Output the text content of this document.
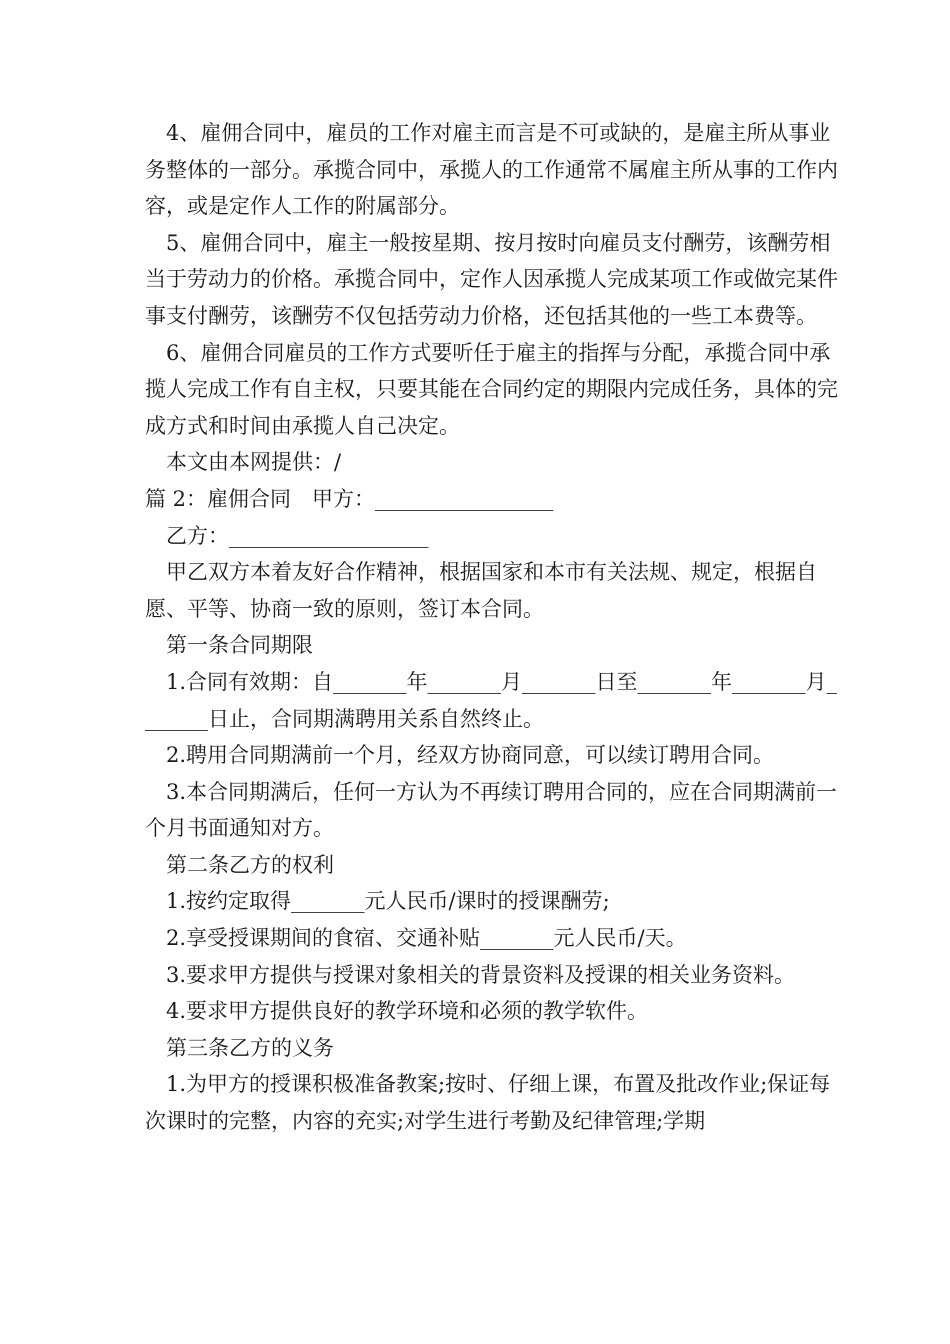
4、雇佣合同中，雇员的工作对雇主而言是不可或缺的，是雇主所从事业务整体的一部分。承揽合同中，承揽人的工作通常不属雇主所从事的工作内容，或是定作人工作的附属部分。

5、雇佣合同中，雇主一般按星期、按月按时向雇员支付酬劳，该酬劳相当于劳动力的价格。承揽合同中，定作人因承揽人完成某项工作或做完某件事支付酬劳，该酬劳不仅包括劳动力价格，还包括其他的一些工本费等。

6、雇佣合同雇员的工作方式要听任于雇主的指挥与分配，承揽合同中承揽人完成工作有自主权，只要其能在合同约定的期限内完成任务，具体的完成方式和时间由承揽人自己决定。

本文由本网提供：/

篇 2：雇佣合同　甲方：_________________

乙方：___________________

甲乙双方本着友好合作精神，根据国家和本市有关法规、规定，根据自愿、平等、协商一致的原则，签订本合同。

第一条合同期限

1.合同有效期：自_______年_______月_______日至_______年_______月_______日止，合同期满聘用关系自然终止。

2.聘用合同期满前一个月，经双方协商同意，可以续订聘用合同。

3.本合同期满后，任何一方认为不再续订聘用合同的，应在合同期满前一个月书面通知对方。

第二条乙方的权利

1.按约定取得_______元人民币/课时的授课酬劳;

2.享受授课期间的食宿、交通补贴_______元人民币/天。

3.要求甲方提供与授课对象相关的背景资料及授课的相关业务资料。

4.要求甲方提供良好的教学环境和必须的教学软件。

第三条乙方的义务

1.为甲方的授课积极准备教案;按时、仔细上课，布置及批改作业;保证每次课时的完整，内容的充实;对学生进行考勤及纪律管理;学期
